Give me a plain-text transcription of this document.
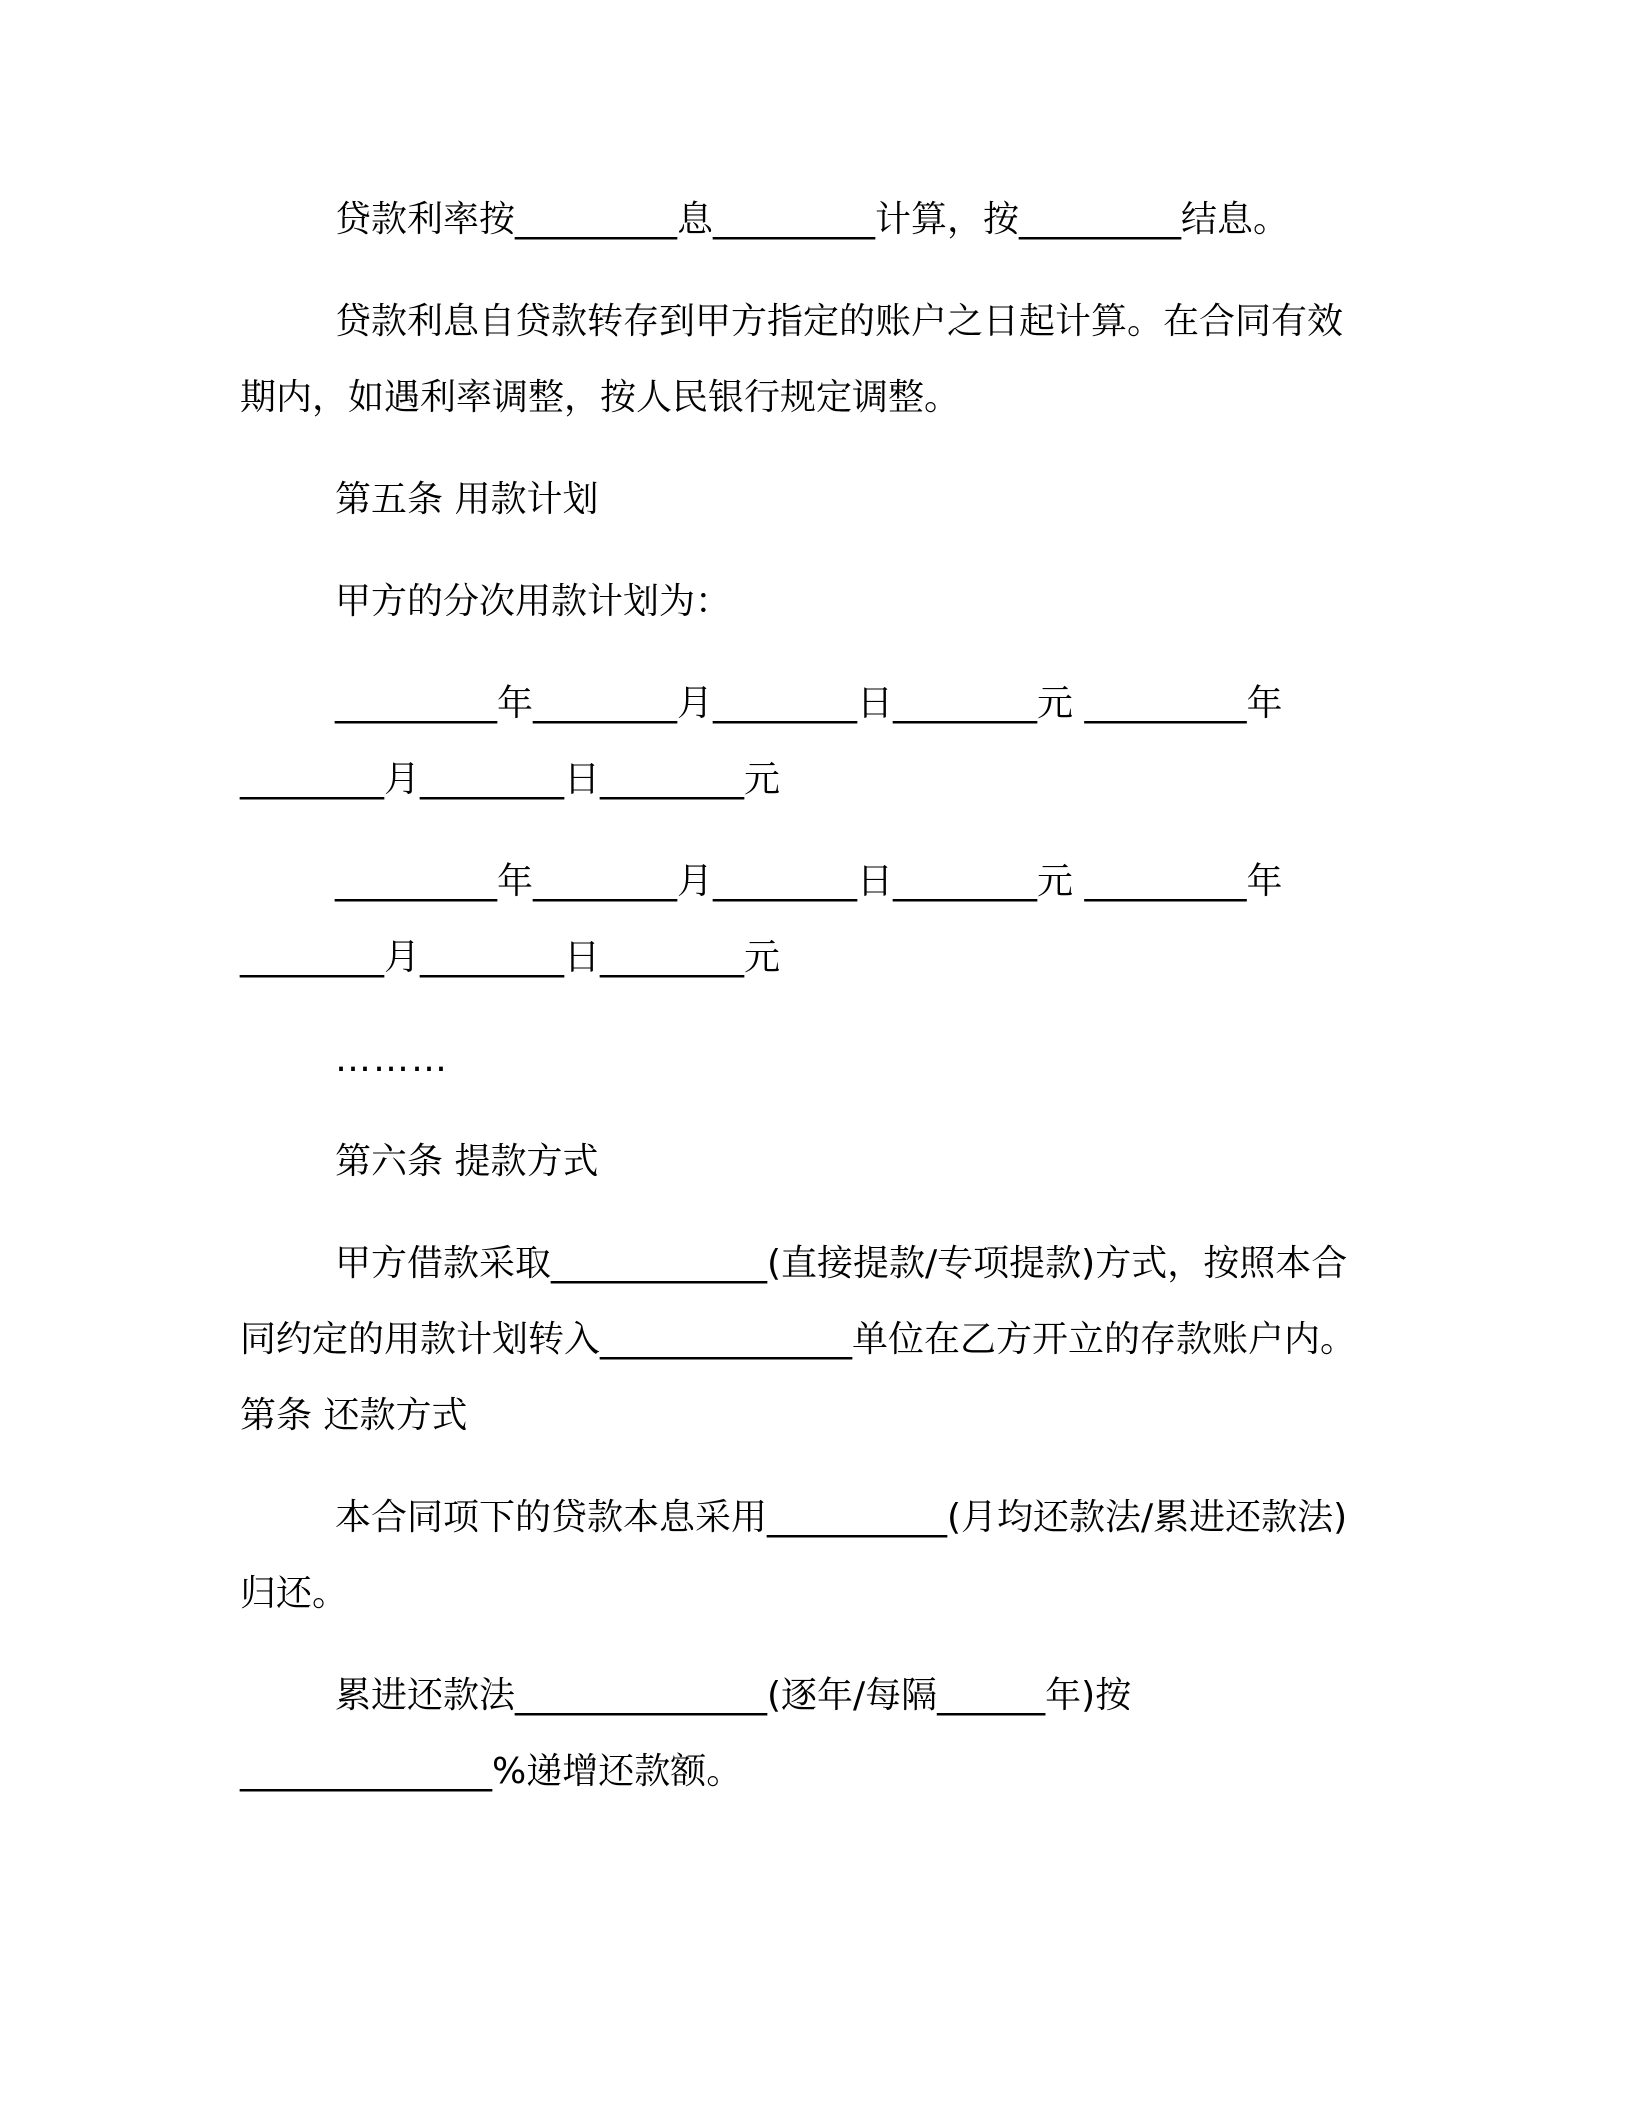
贷款利率按_________息_________计算，按_________结息。
贷款利息自贷款转存到甲方指定的账户之日起计算。在合同有效
期内，如遇利率调整，按人民银行规定调整。
第五条 用款计划
甲方的分次用款计划为：
_________年________月________日________元 _________年
________月________日________元
_________年________月________日________元 _________年
________月________日________元
………
第六条 提款方式
甲方借款采取____________(直接提款/专项提款)方式，按照本合
同约定的用款计划转入______________单位在乙方开立的存款账户内。
第条 还款方式
本合同项下的贷款本息采用__________(月均还款法/累进还款法)
归还。
累进还款法______________(逐年/每隔______年)按
______________%递增还款额。
